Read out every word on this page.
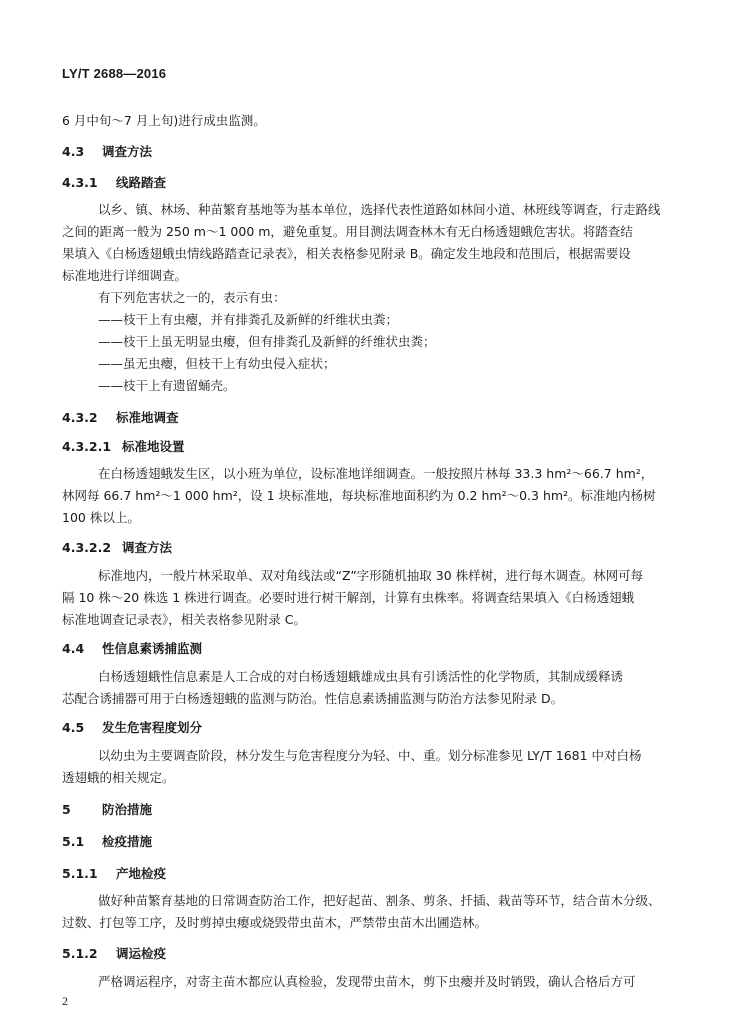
LY/T 2688—2016
6 月中旬～7 月上旬)进行成虫监测。
4.3 调查方法
4.3.1 线路踏查
以乡、镇、林场、种苗繁育基地等为基本单位，选择代表性道路如林间小道、林班线等调查，行走路线
之间的距离一般为 250 m～1 000 m，避免重复。用目测法调查林木有无白杨透翅蛾危害状。将踏查结
果填入《白杨透翅蛾虫情线路踏查记录表》，相关表格参见附录 B。确定发生地段和范围后，根据需要设
标准地进行详细调查。
有下列危害状之一的，表示有虫：
——枝干上有虫瘿，并有排粪孔及新鲜的纤维状虫粪；
——枝干上虽无明显虫瘿，但有排粪孔及新鲜的纤维状虫粪；
——虽无虫瘿，但枝干上有幼虫侵入症状；
——枝干上有遗留蛹壳。
4.3.2 标准地调查
4.3.2.1 标准地设置
在白杨透翅蛾发生区，以小班为单位，设标准地详细调查。一般按照片林每 33.3 hm²～66.7 hm²，
林网每 66.7 hm²～1 000 hm²，设 1 块标准地，每块标准地面积约为 0.2 hm²～0.3 hm²。标准地内杨树
100 株以上。
4.3.2.2 调查方法
标准地内，一般片林采取单、双对角线法或“Z”字形随机抽取 30 株样树，进行每木调查。林网可每
隔 10 株～20 株选 1 株进行调查。必要时进行树干解剖，计算有虫株率。将调查结果填入《白杨透翅蛾
标准地调查记录表》，相关表格参见附录 C。
4.4 性信息素诱捕监测
白杨透翅蛾性信息素是人工合成的对白杨透翅蛾雄成虫具有引诱活性的化学物质，其制成缓释诱
芯配合诱捕器可用于白杨透翅蛾的监测与防治。性信息素诱捕监测与防治方法参见附录 D。
4.5 发生危害程度划分
以幼虫为主要调查阶段，林分发生与危害程度分为轻、中、重。划分标准参见 LY/T 1681 中对白杨
透翅蛾的相关规定。
5	防治措施
5.1 检疫措施
5.1.1 产地检疫
做好种苗繁育基地的日常调查防治工作，把好起苗、割条、剪条、扦插、栽苗等环节，结合苗木分级、
过数、打包等工序，及时剪掉虫瘿或烧毁带虫苗木，严禁带虫苗木出圃造林。
5.1.2 调运检疫
严格调运程序，对寄主苗木都应认真检验，发现带虫苗木，剪下虫瘿并及时销毁，确认合格后方可
2
